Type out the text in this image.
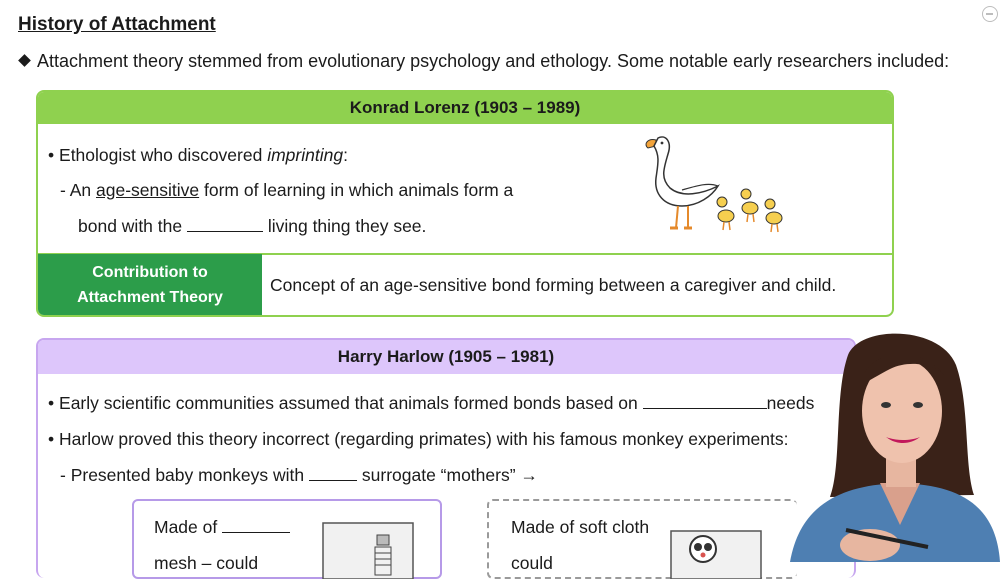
History of Attachment
Attachment theory stemmed from evolutionary psychology and ethology. Some notable early researchers included:
Konrad Lorenz (1903 – 1989)
• Ethologist who discovered imprinting:
- An age-sensitive form of learning in which animals form a
bond with the	living thing they see.
Contribution to
Attachment Theory
Concept of an age-sensitive bond forming between a caregiver and child.
Harry Harlow (1905 – 1981)
• Early scientific communities assumed that animals formed bonds based on	needs
• Harlow proved this theory incorrect (regarding primates) with his famous monkey experiments:
- Presented baby monkeys with	surrogate “mothers” →
Made of
mesh – could
Made of soft cloth
could
